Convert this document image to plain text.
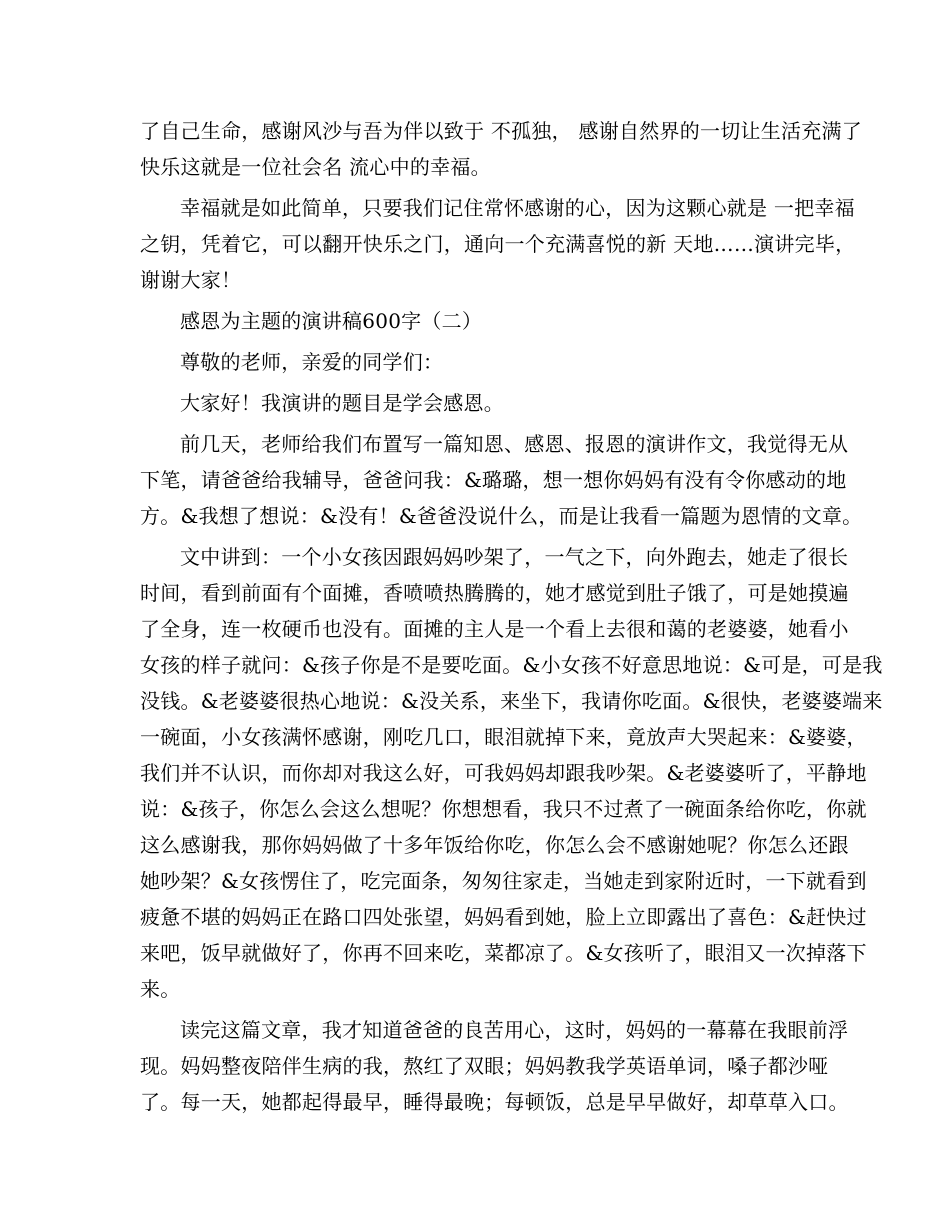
了自己生命，感谢风沙与吾为伴以致于 不孤独， 感谢自然界的一切让生活充满了
快乐这就是一位社会名 流心中的幸福。

幸福就是如此简单，只要我们记住常怀感谢的心，因为这颗心就是 一把幸福
之钥，凭着它，可以翻开快乐之门，通向一个充满喜悦的新 天地……演讲完毕，
谢谢大家！

感恩为主题的演讲稿600字（二）

尊敬的老师，亲爱的同学们：

大家好！我演讲的题目是学会感恩。

前几天，老师给我们布置写一篇知恩、感恩、报恩的演讲作文，我觉得无从
下笔，请爸爸给我辅导，爸爸问我：&璐璐，想一想你妈妈有没有令你感动的地
方。&我想了想说：&没有！&爸爸没说什么，而是让我看一篇题为恩情的文章。

文中讲到：一个小女孩因跟妈妈吵架了，一气之下，向外跑去，她走了很长
时间，看到前面有个面摊，香喷喷热腾腾的，她才感觉到肚子饿了，可是她摸遍
了全身，连一枚硬币也没有。面摊的主人是一个看上去很和蔼的老婆婆，她看小
女孩的样子就问：&孩子你是不是要吃面。&小女孩不好意思地说：&可是，可是我
没钱。&老婆婆很热心地说：&没关系，来坐下，我请你吃面。&很快，老婆婆端来
一碗面，小女孩满怀感谢，刚吃几口，眼泪就掉下来，竟放声大哭起来：&婆婆，
我们并不认识，而你却对我这么好，可我妈妈却跟我吵架。&老婆婆听了，平静地
说：&孩子，你怎么会这么想呢？你想想看，我只不过煮了一碗面条给你吃，你就
这么感谢我，那你妈妈做了十多年饭给你吃，你怎么会不感谢她呢？你怎么还跟
她吵架？&女孩愣住了，吃完面条，匆匆往家走，当她走到家附近时，一下就看到
疲惫不堪的妈妈正在路口四处张望，妈妈看到她，脸上立即露出了喜色：&赶快过
来吧，饭早就做好了，你再不回来吃，菜都凉了。&女孩听了，眼泪又一次掉落下
来。

读完这篇文章，我才知道爸爸的良苦用心，这时，妈妈的一幕幕在我眼前浮
现。妈妈整夜陪伴生病的我，熬红了双眼；妈妈教我学英语单词，嗓子都沙哑
了。每一天，她都起得最早，睡得最晚；每顿饭，总是早早做好，却草草入口。
